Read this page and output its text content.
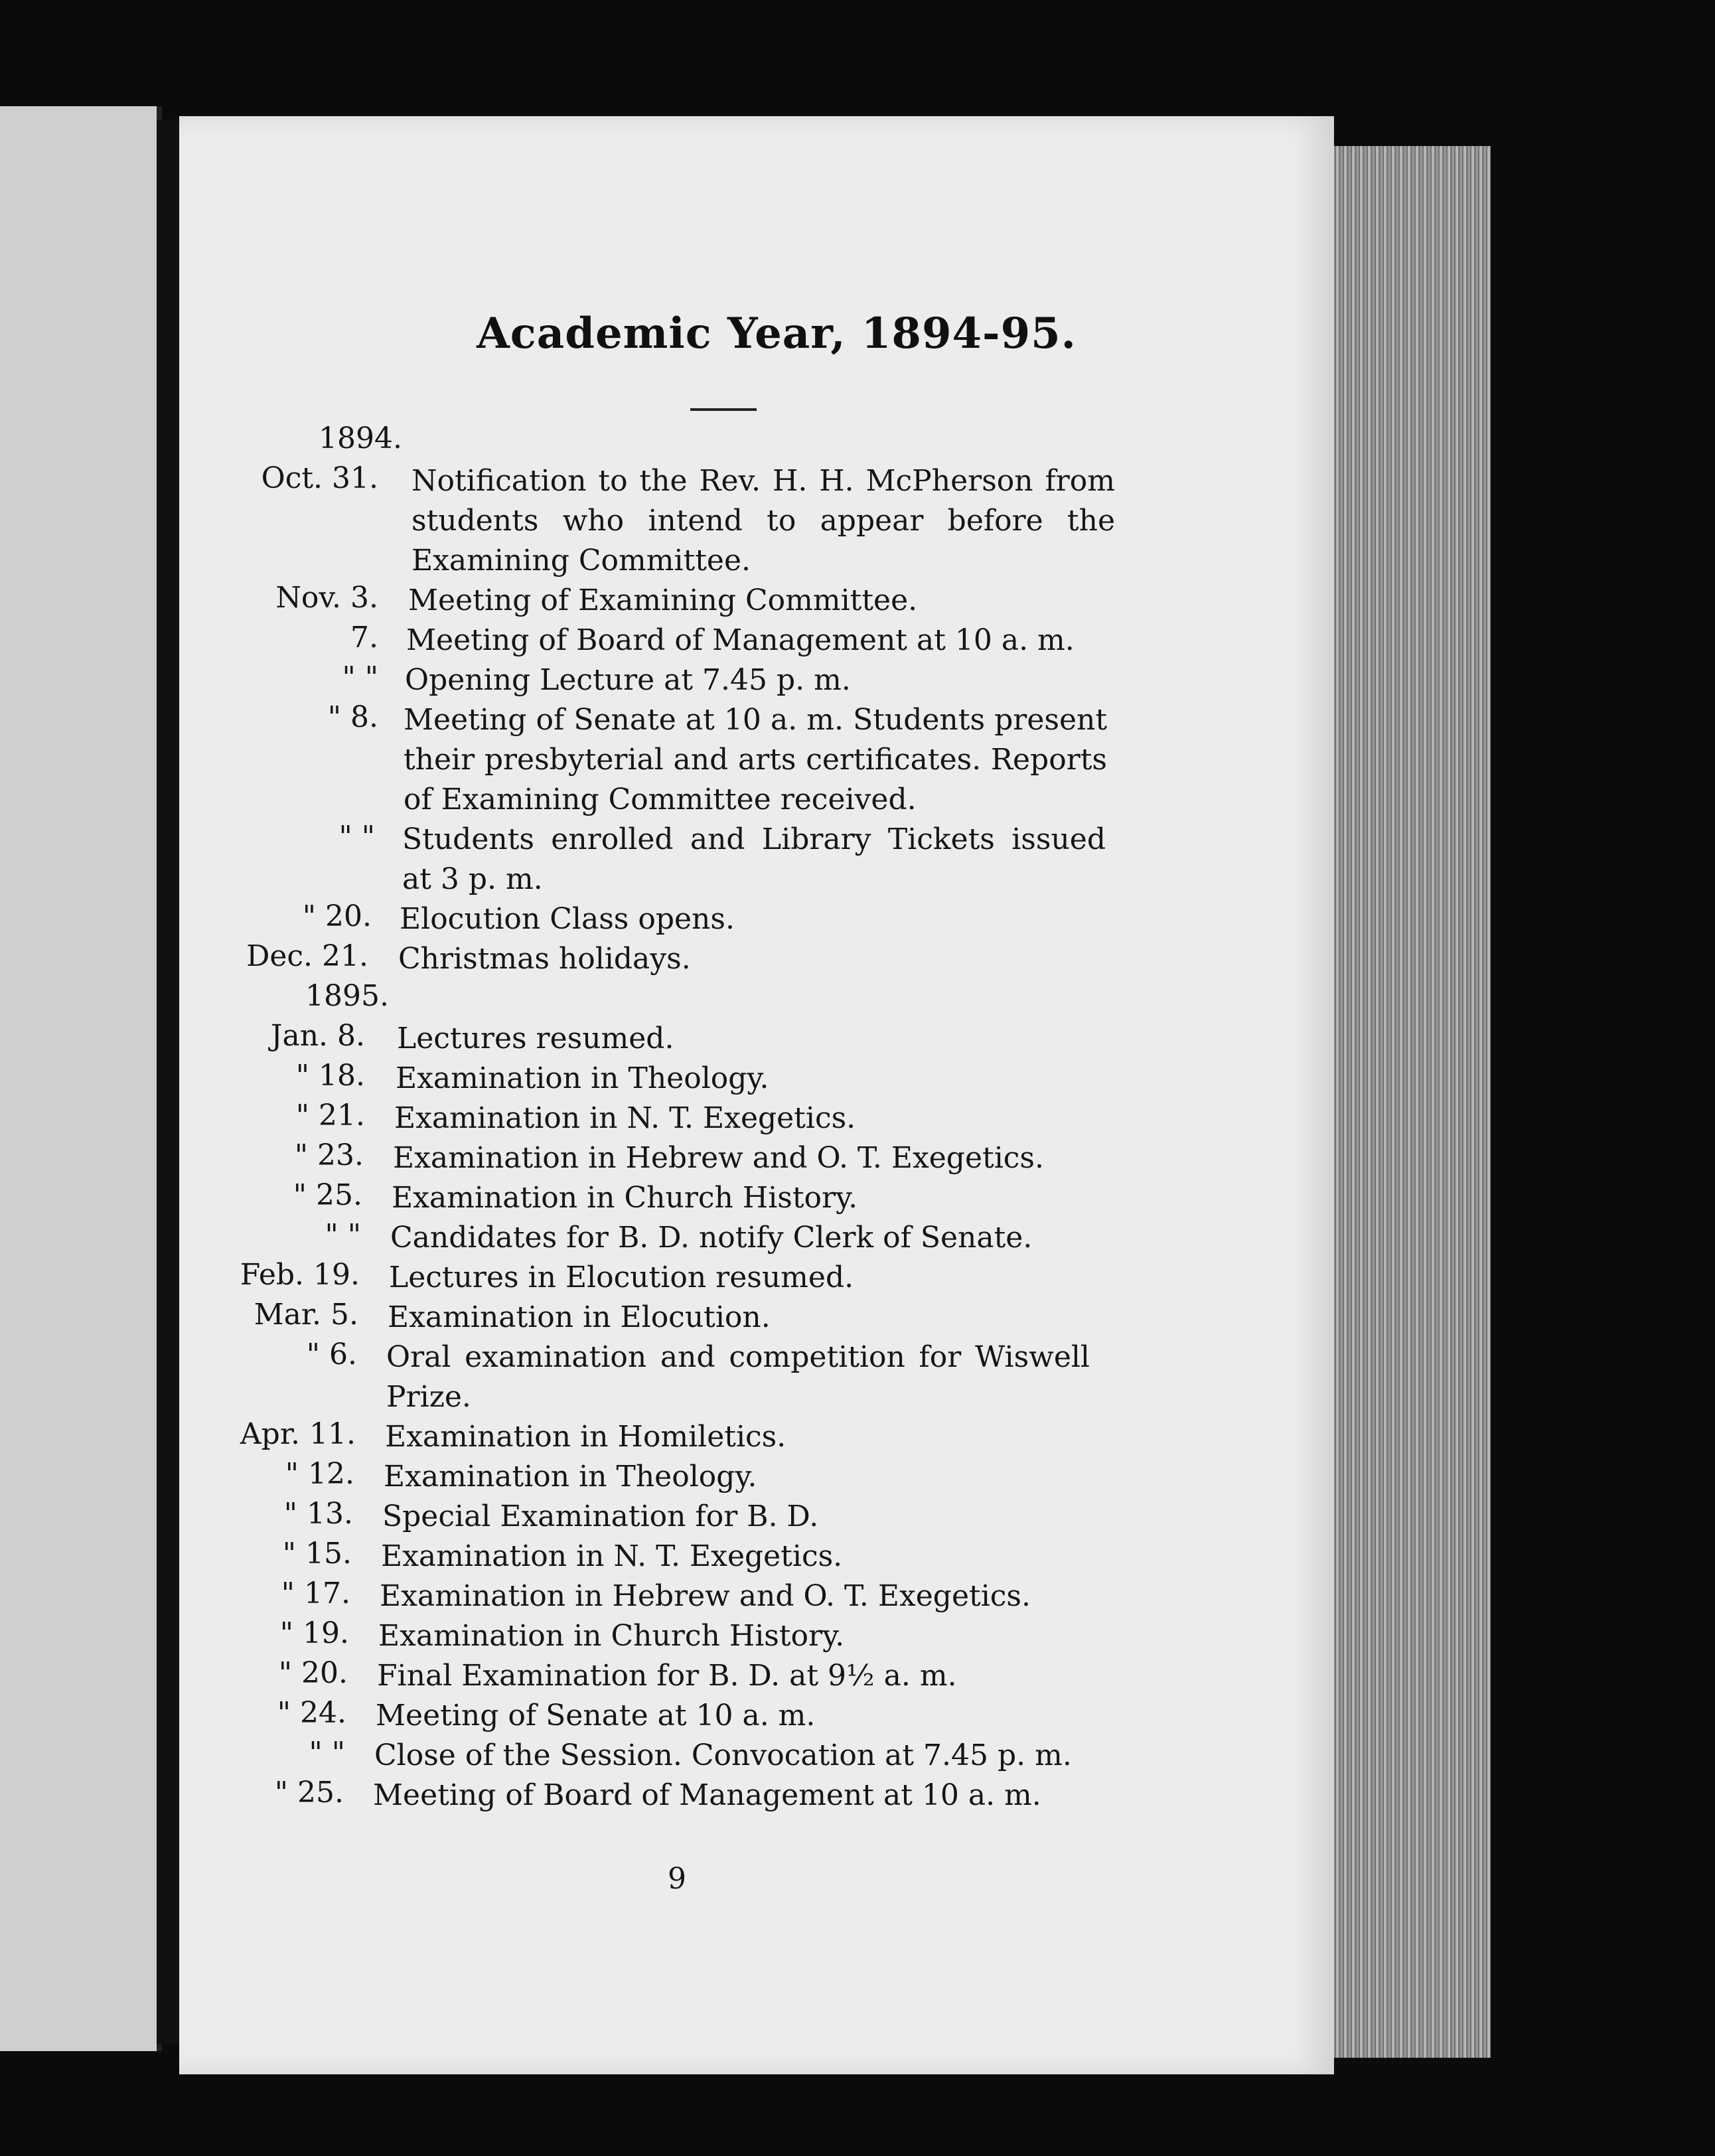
Academic Year, 1894-95.
1894.
Oct. 31. Notification to the Rev. H. H. McPherson from students who intend to appear before the Examining Committee.
Nov. 3. Meeting of Examining Committee.
7. Meeting of Board of Management at 10 a. m.
" " Opening Lecture at 7.45 p. m.
" 8. Meeting of Senate at 10 a. m. Students present their presbyterial and arts certificates. Reports of Examining Committee received.
" " Students enrolled and Library Tickets issued at 3 p. m.
" 20. Elocution Class opens.
Dec. 21. Christmas holidays.
1895.
Jan. 8. Lectures resumed.
" 18. Examination in Theology.
" 21. Examination in N. T. Exegetics.
" 23. Examination in Hebrew and O. T. Exegetics.
" 25. Examination in Church History.
" " Candidates for B. D. notify Clerk of Senate.
Feb. 19. Lectures in Elocution resumed.
Mar. 5. Examination in Elocution.
" 6. Oral examination and competition for Wiswell Prize.
Apr. 11. Examination in Homiletics.
" 12. Examination in Theology.
" 13. Special Examination for B. D.
" 15. Examination in N. T. Exegetics.
" 17. Examination in Hebrew and O. T. Exegetics.
" 19. Examination in Church History.
" 20. Final Examination for B. D. at 9½ a. m.
" 24. Meeting of Senate at 10 a. m.
" " Close of the Session. Convocation at 7.45 p. m.
" 25. Meeting of Board of Management at 10 a. m.
9
